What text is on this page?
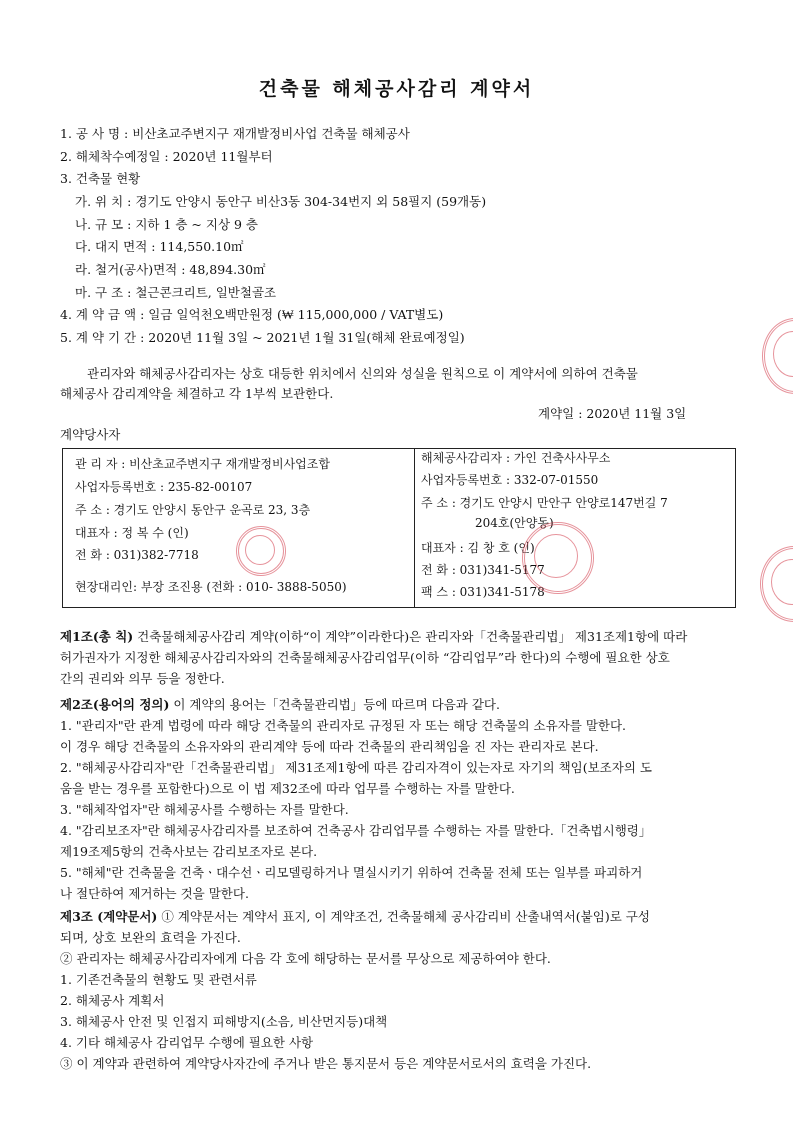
건축물 해체공사감리 계약서
1. 공 사 명 : 비산초교주변지구 재개발정비사업 건축물 해체공사
2. 해체착수예정일 : 2020년 11월부터
3. 건축물 현황
가. 위 치 : 경기도 안양시 동안구 비산3동 304-34번지 외 58필지 (59개동)
나. 규 모 : 지하 1 층 ~ 지상 9 층
다. 대지 면적 : 114,550.10㎡
라. 철거(공사)면적 : 48,894.30㎡
마. 구 조 : 철근콘크리트, 일반철골조
4. 계 약 금 액 : 일금 일억천오백만원정 (₩ 115,000,000 / VAT별도)
5. 계 약 기 간 : 2020년 11월 3일 ~ 2021년 1월 31일(해체 완료예정일)
관리자와 해체공사감리자는 상호 대등한 위치에서 신의와 성실을 원칙으로 이 계약서에 의하여 건축물
해체공사 감리계약을 체결하고 각 1부씩 보관한다.
계약일 : 2020년 11월 3일
계약당사자
관 리 자 : 비산초교주변지구 재개발정비사업조합
사업자등록번호 : 235-82-00107
주 소 : 경기도 안양시 동안구 운곡로 23, 3층
대표자 : 정 복 수 (인)
전 화 : 031)382-7718
현장대리인: 부장 조진용 (전화 : 010- 3888-5050)
해체공사감리자 : 가인 건축사사무소
사업자등록번호 : 332-07-01550
주 소 : 경기도 안양시 만안구 안양로147번길 7
204호(안양동)
대표자 : 김 창 호 (인)
전 화 : 031)341-5177
팩 스 : 031)341-5178
제1조(총 칙) 건축물해체공사감리 계약(이하“이 계약”이라한다)은 관리자와「건축물관리법」 제31조제1항에 따라
허가권자가 지정한 해체공사감리자와의 건축물해체공사감리업무(이하 “감리업무”라 한다)의 수행에 필요한 상호
간의 권리와 의무 등을 정한다.
제2조(용어의 정의) 이 계약의 용어는「건축물관리법」등에 따르며 다음과 같다.
1. "관리자"란 관계 법령에 따라 해당 건축물의 관리자로 규정된 자 또는 해당 건축물의 소유자를 말한다.
이 경우 해당 건축물의 소유자와의 관리계약 등에 따라 건축물의 관리책임을 진 자는 관리자로 본다.
2. "해체공사감리자"란「건축물관리법」 제31조제1항에 따른 감리자격이 있는자로 자기의 책임(보조자의 도
움을 받는 경우를 포함한다)으로 이 법 제32조에 따라 업무를 수행하는 자를 말한다.
3. "해체작업자"란 해체공사를 수행하는 자를 말한다.
4. "감리보조자"란 해체공사감리자를 보조하여 건축공사 감리업무를 수행하는 자를 말한다.「건축법시행령」
제19조제5항의 건축사보는 감리보조자로 본다.
5. "해체"란 건축물을 건축ㆍ대수선ㆍ리모델링하거나 멸실시키기 위하여 건축물 전체 또는 일부를 파괴하거
나 절단하여 제거하는 것을 말한다.
제3조 (계약문서) ① 계약문서는 계약서 표지, 이 계약조건, 건축물해체 공사감리비 산출내역서(붙임)로 구성
되며, 상호 보완의 효력을 가진다.
② 관리자는 해체공사감리자에게 다음 각 호에 해당하는 문서를 무상으로 제공하여야 한다.
1. 기존건축물의 현황도 및 관련서류
2. 해체공사 계획서
3. 해체공사 안전 및 인접지 피해방지(소음, 비산먼지등)대책
4. 기타 해체공사 감리업무 수행에 필요한 사항
③ 이 계약과 관련하여 계약당사자간에 주거나 받은 통지문서 등은 계약문서로서의 효력을 가진다.
